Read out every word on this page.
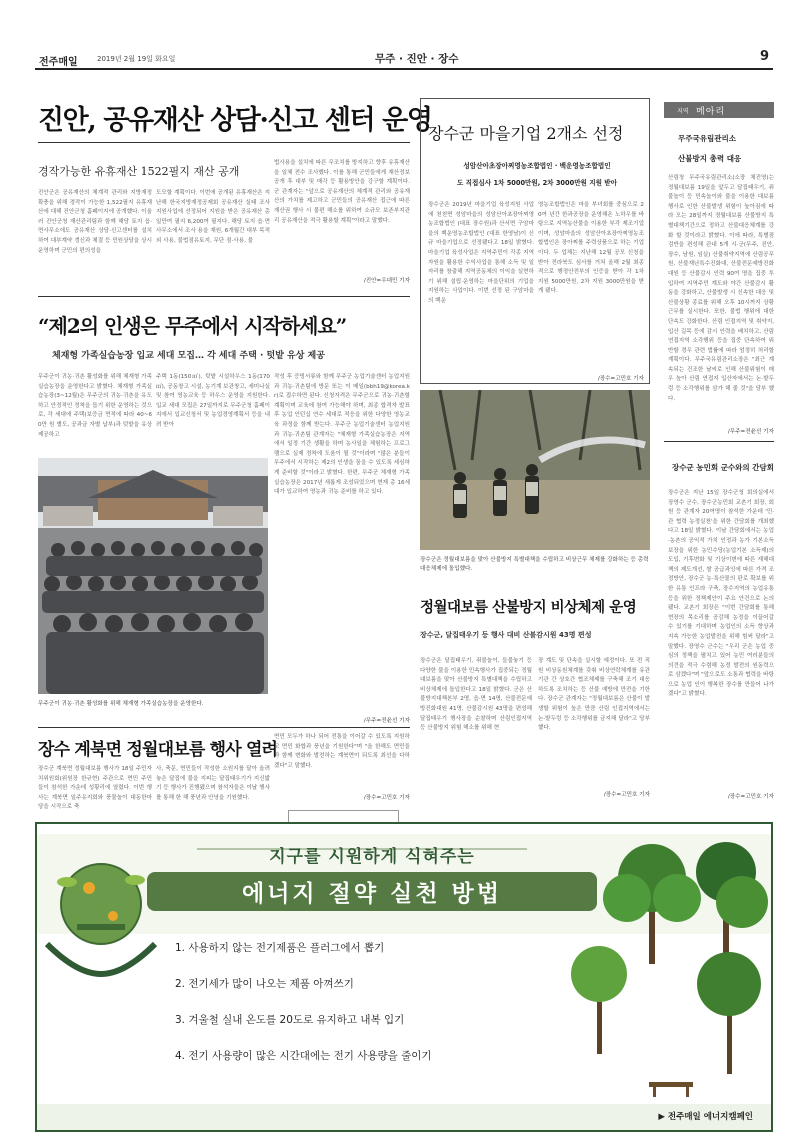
전주매일	2019년 2월 19일 화요일	무주 · 진안 · 장수	9
진안, 공유재산 상담·신고 센터 운영
경작가능한 유휴재산 1522필지 재산 공개
진안군은 공유재산의 체계적 관리와 지방재정 확충을 위해 경작이 가능한 1,522필지 유휴재산에 대해 진안군청 홈페이지에 공개했다. 이울러 진안군청 재산관리팀과 함께 해당 토지 읍·면사무소에도 공유재산 상담·신고센터를 설치하여 대부계약 갱신과 체결 등 민원상담을 상시 운영하며 군민의 편의성을
도모할 계획이다. 이번에 공개된 유휴재산은 지난해 한국지방재정공제회 공유재산 실태 조사 지원사업에 선정되어 지원을 받은 공유재산 총 일만여 필지 6,200여 필지다. 해당 토지 읍·면사무소에서 조사 용을 재원, 6개월간 대부 목적 외 사용, 불법점유토지, 무단 점·사용, 불
법사용을 설치에 따른 무조치를 방지하고 향후 유휴재산을 일체 전수 조사했다. 이를 통해 군민들에게 재산정보 공개 후 대부 및 매각 등 활용방안을 강구할 계획이다. 군 관계자는 "앞으로 공유재산의 체계적 관리와 공유재산의 가치를 제고하고 군민들의 공유재산 접근에 따른 재산권 행사 시 불편 해소를 위하여 소규모 보존부지관리 공유재산을 적극 활용할 계획"이라고 말했다.
/진안=우대민 기자
“제2의 인생은 무주에서 시작하세요”
체재형 가족실습농장 입교 세대 모집… 각 세대 주택 · 텃밭 유상 제공
무주군이 귀농·귀촌 활성화를 위해 체재형 가족실습농장을 운영한다고 밝혔다. 체재형 가족실습농장(3~12월)은 무주군의 귀농·귀촌을 유도하고 안정적인 정착을 돕기 위한 운영하는 것으로, 각 세대에 주택(보증금 면적에 따라 40~60만 원 별도, 공과금 자별 납부)과 텃밭을 유상 제공하고
주택 1동(150㎡), 텃밭 시설하우스 1동(170㎡), 공동창고 시설, 농기계 보관창고, 세미나실 및 참여 영농교육 등 하우스 운영을 지원한다. 입교 세대 모집은 27일까지로 무주군청 홈페이지에서 입교신청서 및 농업경영계획서 등을 내려 받아
작성 후 증빙서류와 함께 무주군 농업기술센터 농업지원과 귀농·귀촌팀에 방문 또는 이 메일(bbh19@korea.kr)로 접수하면 된다. 신청자격은 무주군으로 귀농·귀촌할 계획이며 교육에 참여 가능해야 하며, 최종 합격자 발표 후 농업 인턴십 연수 세대로 적응을 위한 다양한 영농교육 과정을 함께 받는다. 무주군 농업기술센터 농업지원과 귀농·귀촌팀 관계자는 "체재형 가족실습농장은 지역에서 일정 기간 생활을 하며 농사일을 체험하는 프로그램으로 실제 정착에 도움이 될 것"이라며 "많은 분들이 무주에서 시작하는 제2의 인생을 꿈을 수 있도록 세심하게 준비할 것"이라고 밝혔다. 한편, 무주군 체재형 가족실습농장은 2017년 새롭게 조성되었으며 현재 총 16세대가 입교하여 영농과 귀농 준비를 하고 있다.
/무주=전윤선 기자
무주군이 귀농·귀촌 활성화를 위해 체재형 가족실습농장을 운영한다.
장수 계북면 정월대보름 행사 열려
장수군 계북면 정월대보름 행사가 18일 주민자치위원회(위원장 한규현) 주관으로 면민 주민들이 참석한 가운데 성황리에 열렸다. 이번 행사는 계북면 일주유지회와 풍물놀이 대동한마당을 시작으로 축
사, 축문, 면민들이 작성한 소원지를 달아 올려놓은 달집에 불을 지피는 달집태우기가 지신밟기 등 행사가 진행됐으며 참석자들은 이날 행사를 통해 한 해 풍년과 안녕을 기원했다.
면민 모두가 하나 되어 전통을 이어갈 수 있도록 지원하고 면민 화합과 풍년을 기원한다"며 "올 한해도 면민들과 함께 변화와 발전하는 계북면이 되도록 최선을 다하겠다"고 말했다.
/장수=고민호 기자
장수군 마을기업 2개소 선정
성암산아초장아찌영농조합법인 · 백운영농조합법인
도 직접심사 1차 5000만원, 2차 3000만원 지원 받아
장수군은 2019년 마을기업 육성지원 사업에 천천면 성암마을의 성암산아초장아찌영농조합법인 (대표 장수원)과 산서면 구암마을의 백운영농조합법인 (대표 한영남)이 신규 마을기업으로 선정됐다고 18일 밝혔다. 마을기업 육성사업은 지역주민이 각종 지역자원을 활용한 수익사업을 통해 소득 및 일자리를 창출해 지역공동체의 이익을 실현하기 위해 설립·운영하는 마을단위의 기업을 지원하는 사업이다. 이번 선정 된 구암마을의 백운
영농조합법인은 마을 부녀회를 중심으로 20여 년간 한과공장을 운영해온 노하우를 바탕으로 지역농산물을 이용한 부각 제조기업이며, 성암마을의 성암산아초장아찌영농조합법인은 장아찌를 주력상품으로 하는 기업이다. 두 업체는 지난해 12월 공모 신청을 받아 전라북도 심사를 거쳐 올해 2월 최종적으로 행정안전부의 인증을 받아 각 1차 지원 5000만원, 2차 지원 3000만원을 받게 됐다.
/장수=고민호 기자
장수군은 정월대보름을 맞아 산불방지 특별대책을 수립하고 비상근무 체제를 강화하는 등 총력 대응체제에 돌입했다.
정월대보름 산불방지 비상체제 운영
장수군, 달집태우기 등 행사 대비 산불감시원 43명 편성
장수군은 달집태우기, 쥐불놀이, 들불놓기 등 다양한 불을 이용한 민속행사가 집중되는 정월대보름을 맞아 산불방지 특별대책을 수립하고 비상체제에 돌입한다고 18일 밝혔다. 군은 산불방지대책본부 2명, 읍·면 14명, 산불전문예방진화대원 41명, 산불감시원 43명을 편성해 달집태우기 행사장을 순찰하며 산림인접지역 등 산불방지 위험 해소를 위해 현
장 계도 및 단속을 실시할 예정이다. 또 전 직원 비상동원체계를 갖춰 비상연락체계를 유관기관 간 상호간 협조체제를 구축해 조기 대응하도록 조치하는 등 산불 예방에 만전을 기한다. 장수군 관계자는 "정월대보름은 산불이 발생할 위험이 높은 만큼 산림 인접지역에서는 논·밭두렁 등 소각행위를 금지해 달라"고 당부했다.
/장수=고민호 기자
지역 메아리
무주국유림관리소
산불방지 총력 대응
산림청 무주국유림관리소(소장 채진영)는 정월대보름 19일을 앞두고 달집태우기, 쥐불놀이 등 민속놀이와 불을 이용한 대보름 행사로 인한 산불발생 위험이 높아짐에 따라 오는 28일까지 정월대보름 산불방지 특별대책기간으로 정하고 산불대응체계를 강화 할 것이라고 밝혔다. 이에 따라, 특별점검반을 편성해 관내 5개 시·군(무주, 진안, 장수, 남원, 임실) 산불취약지역에 산림공무원, 산불재난특수진화대, 산불전문예방진화대원 등 산불감시 인력 90여 명을 집중 투입하여 지역주민 계도와 야간 산불감시 활동을 강화하고, 산불발생 시 신속한 대응 및 산불상황 종료를 위해 오후 10시까지 상황근무를 실시한다. 또한, 불법 행위에 대한 단속도 강화한다. 산림 인접지역 및 취약지, 입산 길목 등에 감시 인력을 배치하고, 산림 연접지역 소각행위 등을 집중 단속하여 위반할 경우 관련 법률에 따라 엄정히 처리할 계획이다. 무주국유림관리소장은 "최근 계속되는 건조한 날씨로 인해 산불위험이 매우 높아 산림 연접지 입산자에서는 논·밭두렁 등 소각행위를 삼가 해 줄 것"을 당부 했다.
/무주=전윤선 기자
장수군 농민회 군수와의 간담회
장수군은 지난 15일 장수군청 회의실에서 장영수 군수, 장수군농민회 교촌기 회장, 회원 등 관계자 20여명이 참석한 가운데 '민·관 협력 농정실천'을 위한 간담회를 개최했다고 18일 밝혔다. 이날 간담회에서는 농업·농촌의 공익적 가치 인정과 농가 기본소득 보장을 위한 농민수당(농업기본 소득제)의 도입, 기후변화 및 기상이변에 따른 재해대책의 제도개선, 쌀 공급과잉에 따른 가격 조정방안, 장수군 농·특산물의 판로 확보를 위한 유통 인프라 구축, 장수지역의 농업유통 등을 위한 정책제안이 주요 안건으로 논의됐다. 교촌기 회장은 "이번 간담회를 통해 현장의 목소리를 공감해 농정을 이끌어갈 수 있기를 기대하며 농업인의 소득 향상과 지속 가능한 농업발전을 위해 힘써 달라"고 말했다. 장영수 군수는 "우리 군은 농업 중심의 정책을 펼치고 있어 농민 여러분들의 의견을 적극 수렴해 농정 발전의 원동력으로 삼겠다"며 "앞으로도 소통과 협력을 바탕으로 농업 인이 행복한 장수를 만들어 나가겠다"고 밝혔다.
/장수=고민호 기자
지구를 시원하게 식혀주는
에너지 절약 실천 방법
1. 사용하지 않는 전기제품은 플러그에서 뽑기
2. 전기세가 많이 나오는 제품 아껴쓰기
3. 겨울철 실내 온도를 20도로 유지하고 내복 입기
4. 전기 사용량이 많은 시간대에는 전기 사용량을 줄이기
▶ 전주매일 에너지캠페인
